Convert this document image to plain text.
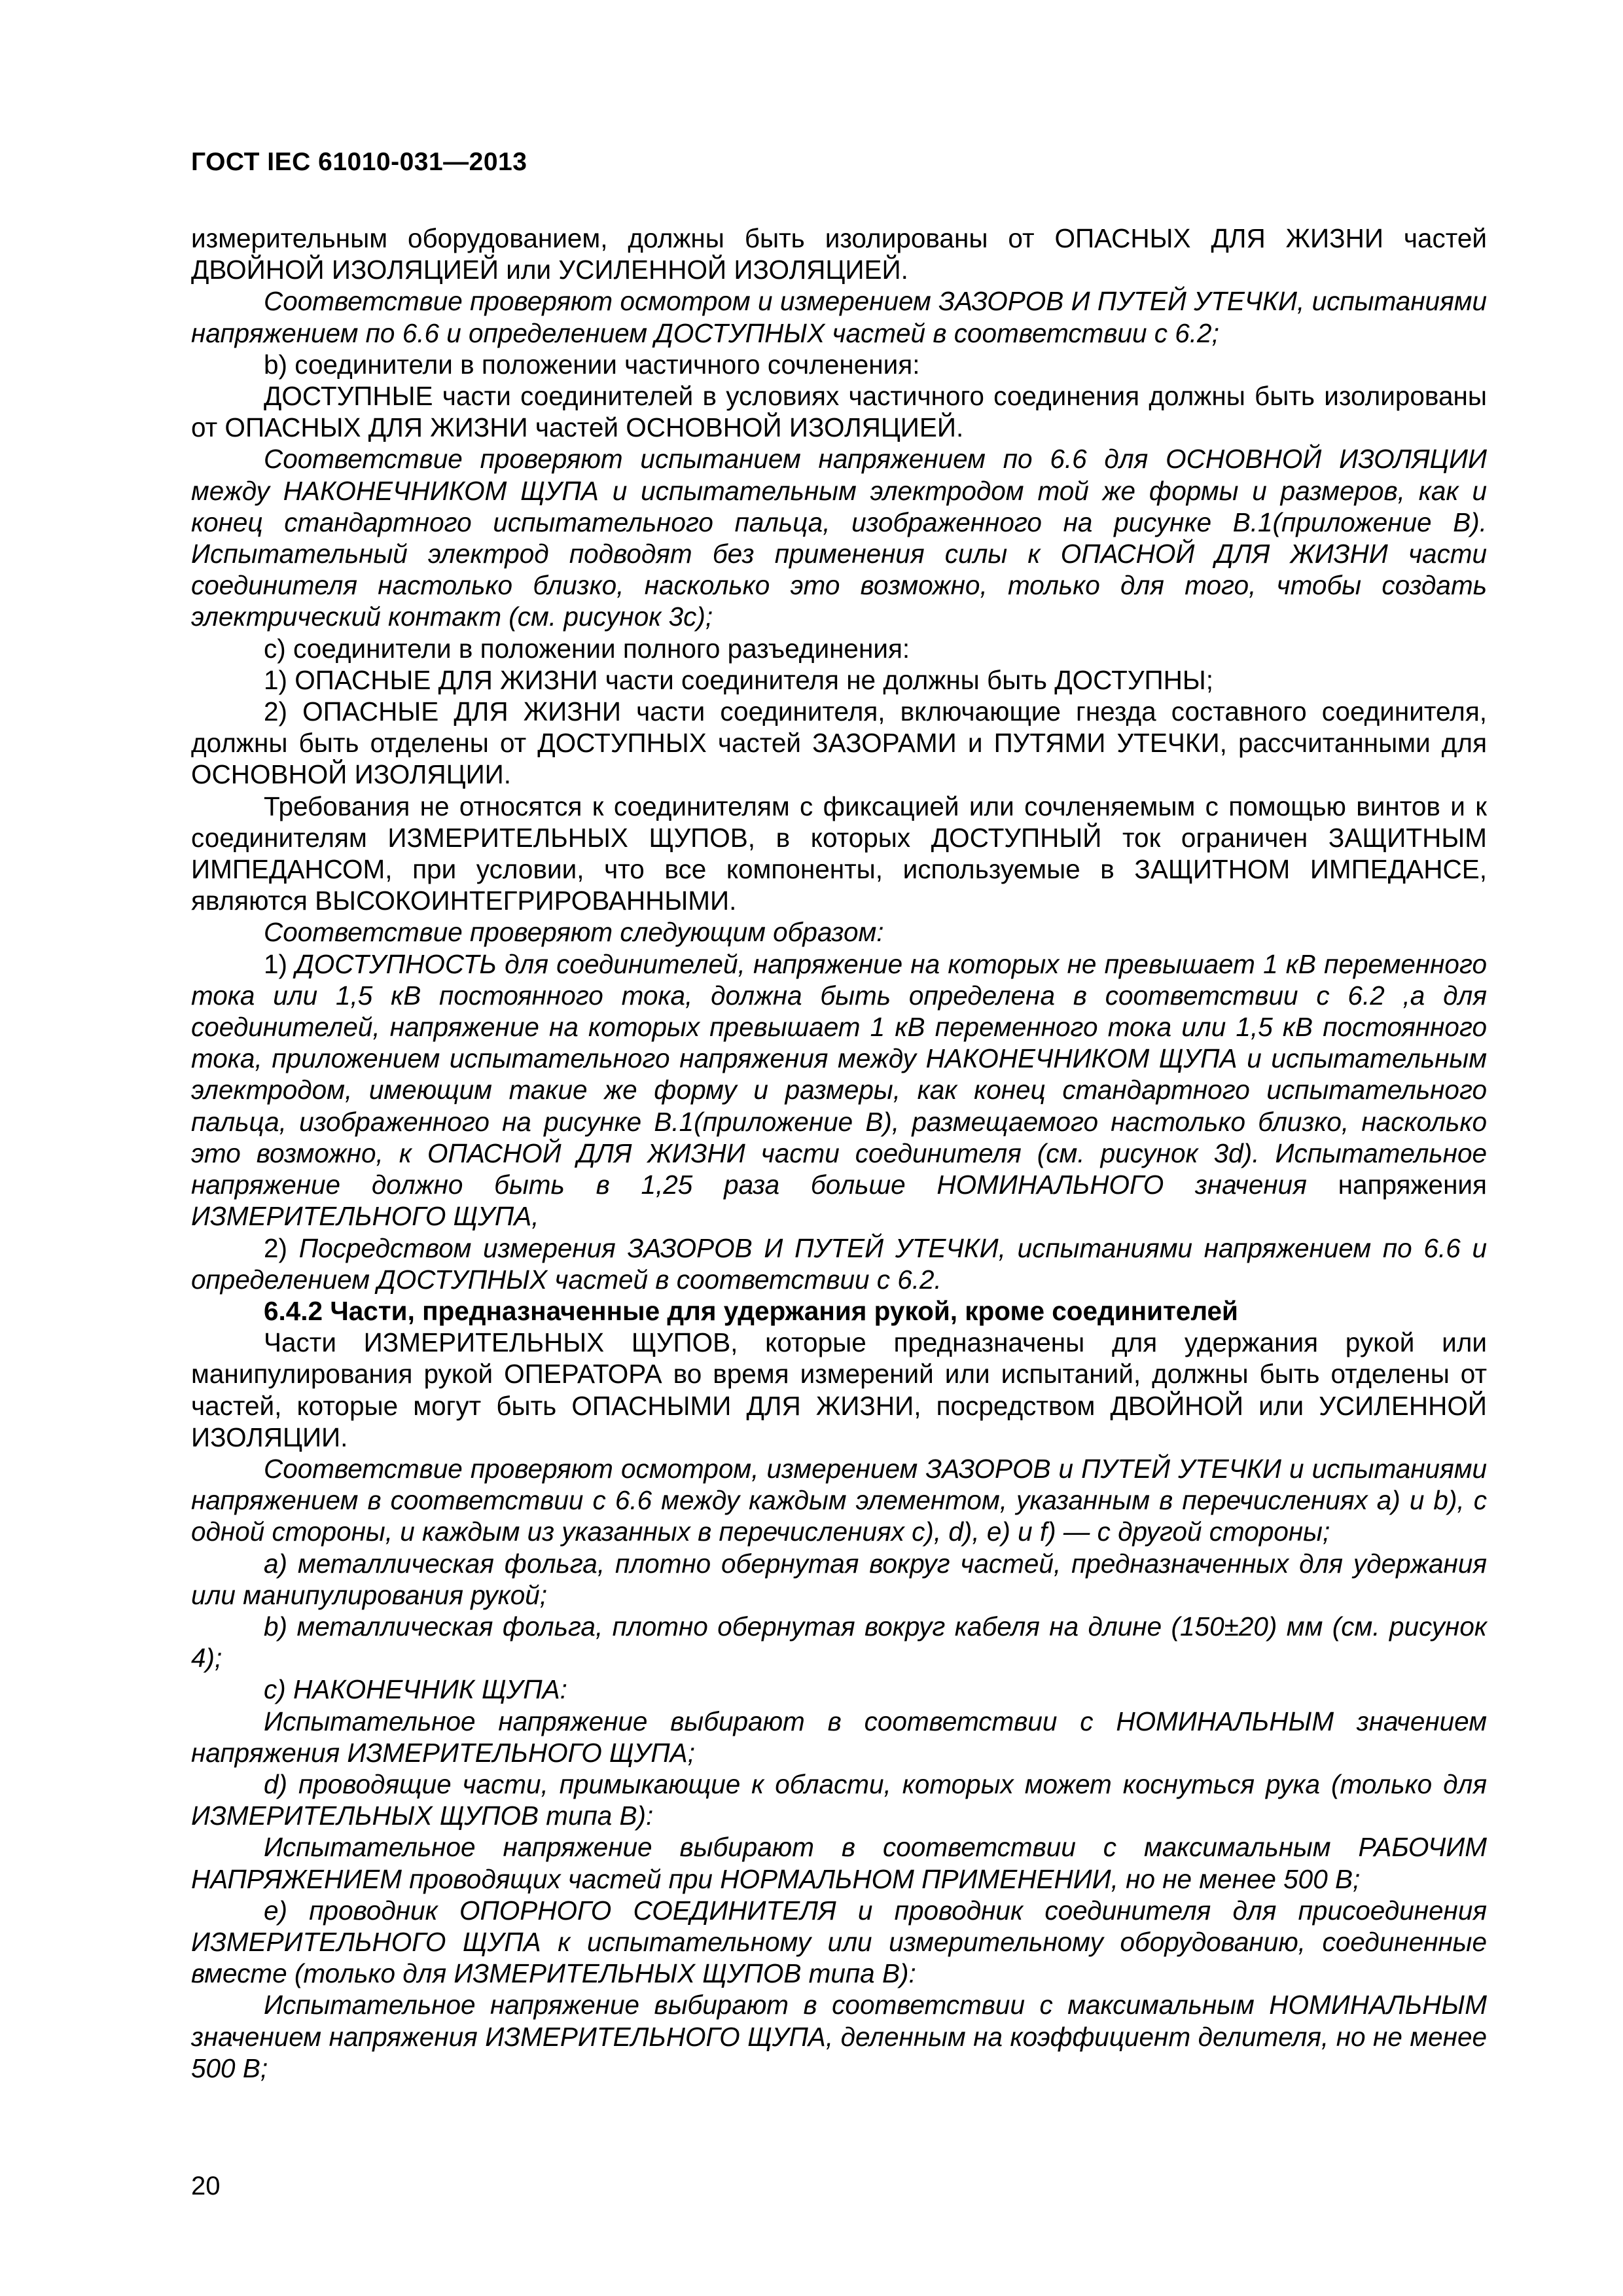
ГОСТ IEC 61010-031—2013

измерительным оборудованием, должны быть изолированы от ОПАСНЫХ ДЛЯ ЖИЗНИ частей ДВОЙНОЙ ИЗОЛЯЦИЕЙ или УСИЛЕННОЙ ИЗОЛЯЦИЕЙ.

Соответствие проверяют осмотром и измерением ЗАЗОРОВ И ПУТЕЙ УТЕЧКИ, испытаниями напряжением по 6.6 и определением ДОСТУПНЫХ частей в соответствии с 6.2;

b) соединители в положении частичного сочленения:

ДОСТУПНЫЕ части соединителей в условиях частичного соединения должны быть изолированы от ОПАСНЫХ ДЛЯ ЖИЗНИ частей ОСНОВНОЙ ИЗОЛЯЦИЕЙ.

Соответствие проверяют испытанием напряжением по 6.6 для ОСНОВНОЙ ИЗОЛЯЦИИ между НАКОНЕЧНИКОМ ЩУПА и испытательным электродом той же формы и размеров, как и конец стандартного испытательного пальца, изображенного на рисунке В.1(приложение В). Испытательный электрод подводят без применения силы к ОПАСНОЙ ДЛЯ ЖИЗНИ части соединителя настолько близко, насколько это возможно, только для того, чтобы создать электрический контакт (см. рисунок 3c);

c) соединители в положении полного разъединения:

1) ОПАСНЫЕ ДЛЯ ЖИЗНИ части соединителя не должны быть ДОСТУПНЫ;

2) ОПАСНЫЕ ДЛЯ ЖИЗНИ части соединителя, включающие гнезда составного соединителя, должны быть отделены от ДОСТУПНЫХ частей ЗАЗОРАМИ и ПУТЯМИ УТЕЧКИ, рассчитанными для ОСНОВНОЙ ИЗОЛЯЦИИ.

Требования не относятся к соединителям с фиксацией или сочленяемым с помощью винтов и к соединителям ИЗМЕРИТЕЛЬНЫХ ЩУПОВ, в которых ДОСТУПНЫЙ ток ограничен ЗАЩИТНЫМ ИМПЕДАНСОМ, при условии, что все компоненты, используемые в ЗАЩИТНОМ ИМПЕДАНСЕ, являются ВЫСОКОИНТЕГРИРОВАННЫМИ.

Соответствие проверяют следующим образом:

1) ДОСТУПНОСТЬ для соединителей, напряжение на которых не превышает 1 кВ переменного тока или 1,5 кВ постоянного тока, должна быть определена в соответствии с 6.2 ,а для соединителей, напряжение на которых превышает 1 кВ переменного тока или 1,5 кВ постоянного тока, приложением испытательного напряжения между НАКОНЕЧНИКОМ ЩУПА и испытательным электродом, имеющим такие же форму и размеры, как конец стандартного испытательного пальца, изображенного на рисунке В.1(приложение В), размещаемого настолько близко, насколько это возможно, к ОПАСНОЙ ДЛЯ ЖИЗНИ части соединителя (см. рисунок 3d). Испытательное напряжение должно быть в 1,25 раза больше НОМИНАЛЬНОГО значения напряжения ИЗМЕРИТЕЛЬНОГО ЩУПА,

2) Посредством измерения ЗАЗОРОВ И ПУТЕЙ УТЕЧКИ, испытаниями напряжением по 6.6 и определением ДОСТУПНЫХ частей в соответствии с 6.2.

6.4.2 Части, предназначенные для удержания рукой, кроме соединителей

Части ИЗМЕРИТЕЛЬНЫХ ЩУПОВ, которые предназначены для удержания рукой или манипулирования рукой ОПЕРАТОРА во время измерений или испытаний, должны быть отделены от частей, которые могут быть ОПАСНЫМИ ДЛЯ ЖИЗНИ, посредством ДВОЙНОЙ или УСИЛЕННОЙ ИЗОЛЯЦИИ.

Соответствие проверяют осмотром, измерением ЗАЗОРОВ и ПУТЕЙ УТЕЧКИ и испытаниями напряжением в соответствии с 6.6 между каждым элементом, указанным в перечислениях а) и b), с одной стороны, и каждым из указанных в перечислениях c), d), e) и f) — с другой стороны;

a) металлическая фольга, плотно обернутая вокруг частей, предназначенных для удержания или манипулирования рукой;

b) металлическая фольга, плотно обернутая вокруг кабеля на длине (150±20) мм (см. рисунок 4);

c) НАКОНЕЧНИК ЩУПА:

Испытательное напряжение выбирают в соответствии с НОМИНАЛЬНЫМ значением напряжения ИЗМЕРИТЕЛЬНОГО ЩУПА;

d) проводящие части, примыкающие к области, которых может коснуться рука (только для ИЗМЕРИТЕЛЬНЫХ ЩУПОВ типа B):

Испытательное напряжение выбирают в соответствии с максимальным РАБОЧИМ НАПРЯЖЕНИЕМ проводящих частей при НОРМАЛЬНОМ ПРИМЕНЕНИИ, но не менее 500 В;

e) проводник ОПОРНОГО СОЕДИНИТЕЛЯ и проводник соединителя для присоединения ИЗМЕРИТЕЛЬНОГО ЩУПА к испытательному или измерительному оборудованию, соединенные вместе (только для ИЗМЕРИТЕЛЬНЫХ ЩУПОВ типа B):

Испытательное напряжение выбирают в соответствии с максимальным НОМИНАЛЬНЫМ значением напряжения ИЗМЕРИТЕЛЬНОГО ЩУПА, деленным на коэффициент делителя, но не менее 500 В;

20
